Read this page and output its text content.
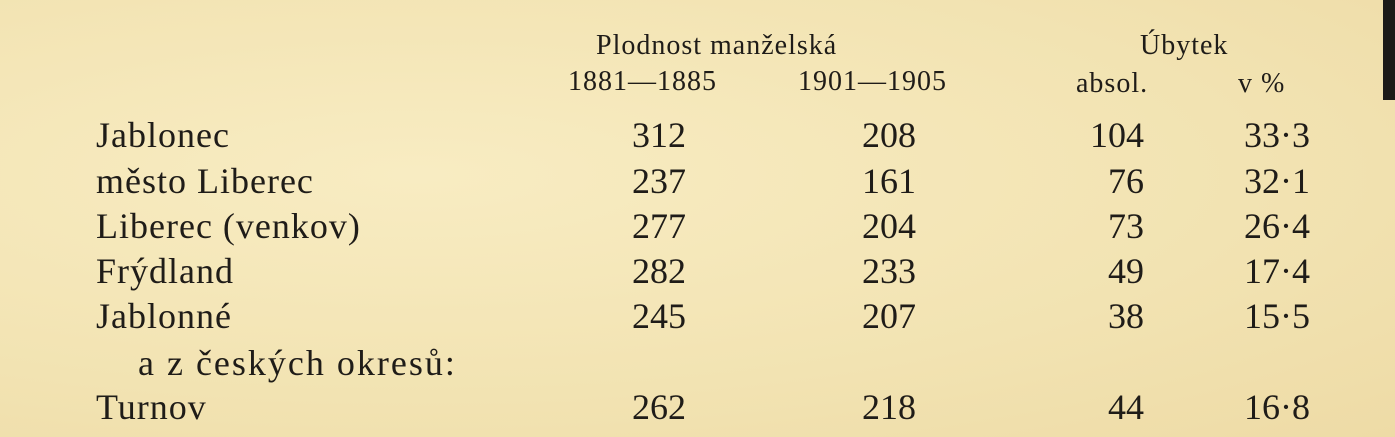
Plodnost manželská
1881—1885	1901—1905
Úbytek
absol.	v %
Jablonec	312	208	104	33·3
město Liberec	237	161	76	32·1
Liberec (venkov)	277	204	73	26·4
Frýdland	282	233	49	17·4
Jablonné	245	207	38	15·5
a z českých okresů:
Turnov	262	218	44	16·8
